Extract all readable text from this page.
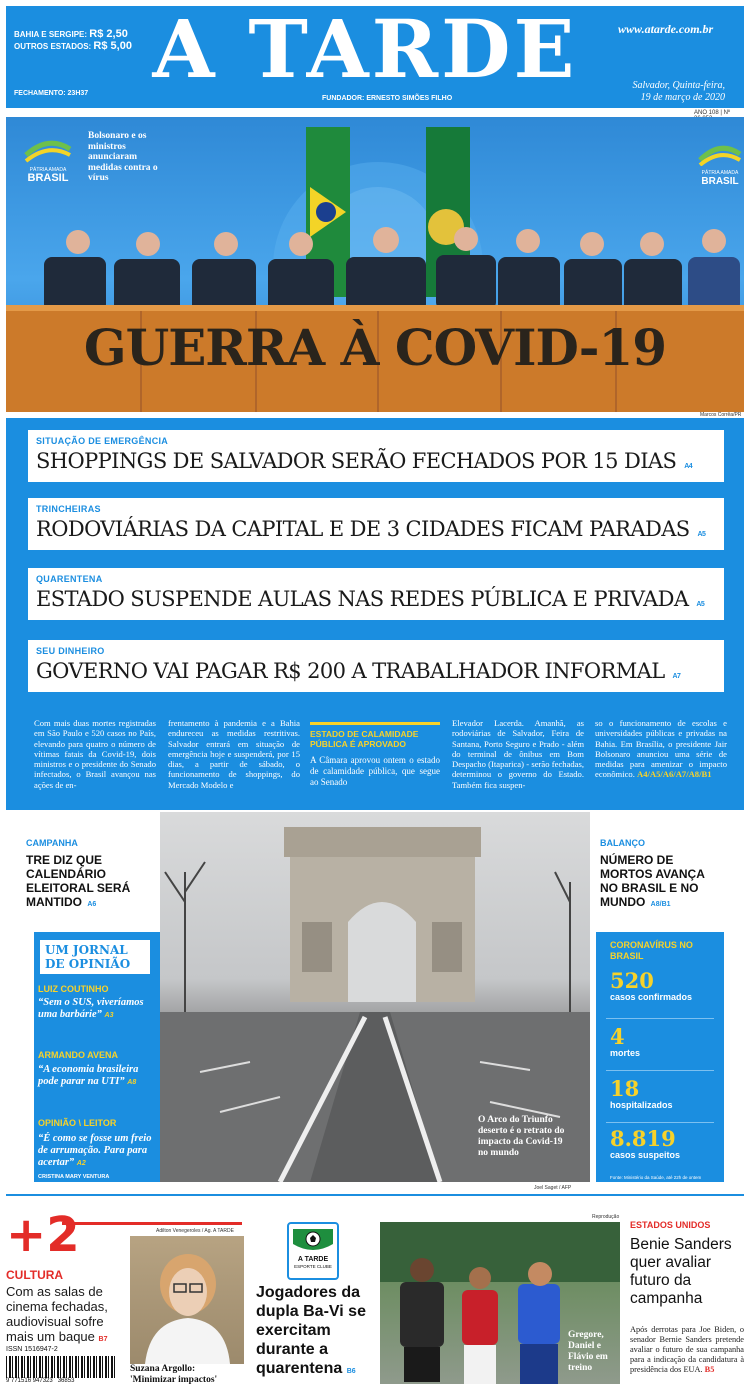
BAHIA E SERGIPE: R$ 2,50
OUTROS ESTADOS: R$ 5,00
FECHAMENTO: 23H37 A TARDE
FUNDADOR: ERNESTO SIMÕES FILHO
www.atarde.com.br
Salvador, Quinta-feira,
19 de março de 2020
ANO 108 | Nº
PÁTRIA AMADA
BRASIL	PÁTRIA AMADA
BRASIL
Bolsonaro e os ministros anunciaram medidas contra o vírus
GUERRA À COVID-19
Marcos Corrêa/PR
SITUAÇÃO DE EMERGÊNCIA
SHOPPINGS DE SALVADOR SERÃO FECHADOS POR 15 DIAS A4
TRINCHEIRAS
RODOVIÁRIAS DA CAPITAL E DE 3 CIDADES FICAM PARADAS A5
QUARENTENA
ESTADO SUSPENDE AULAS NAS REDES PÚBLICA E PRIVADA A5
SEU DINHEIRO
GOVERNO VAI PAGAR R$ 200 A TRABALHADOR INFORMAL A7
Com mais duas mortes registradas em São Paulo e 520 casos no País, elevando para quatro o número de vítimas fatais da Covid-19, dois ministros e o presidente do Senado infectados, o Brasil avançou nas ações de en-
frentamento à pandemia e a Bahia endureceu as medidas restritivas. Salvador entrará em situação de emergência hoje e suspenderá, por 15 dias, a partir de sábado, o funcionamento de shoppings, do Mercado Modelo e
ESTADO DE CALAMIDADE PÚBLICA É APROVADO
A Câmara aprovou ontem o estado de calamidade pública, que segue ao Senado
Elevador Lacerda. Amanhã, as rodoviárias de Salvador, Feira de Santana, Porto Seguro e Prado - além do terminal de ônibus em Bom Despacho (Itaparica) - serão fechadas, determinou o governo do Estado. Também fica suspen-
so o funcionamento de escolas e universidades públicas e privadas na Bahia. Em Brasília, o presidente Jair Bolsonaro anunciou uma série de medidas para amenizar o impacto econômico. A4/A5/A6/A7/A8/B1
CAMPANHA
TRE DIZ QUE CALENDÁRIO ELEITORAL SERÁ MANTIDO A6
BALANÇO
NÚMERO DE MORTOS AVANÇA NO BRASIL E NO MUNDO A8/B1
O Arco do Triunfo deserto é o retrato do impacto da Covid-19 no mundo
Joel Saget / AFP
UM JORNAL DE OPINIÃO
LUIZ COUTINHO
“Sem o SUS, viveríamos uma barbárie” A3
ARMANDO AVENA
“A economia brasileira pode parar na UTI” A8
OPINIÃO \ LEITOR
“É como se fosse um freio de arrumação. Para para acertar” A2
CRISTINA MARY VENTURA
CORONAVÍRUS NO BRASIL
520
casos confirmados
4
mortes
18
hospitalizados
8.819
casos suspeitos
Fonte: Ministério da Saúde, até 22h de ontem
+2
CULTURA
Com as salas de cinema fechadas, audiovisual sofre mais um baque B7
Adilton Venegeroles / Ag. A TARDE
Suzana Argollo:
'Minimizar impactos'
ISSN 1516947-2
9 771516 947323   36853
A TARDE
ESPORTE CLUBE
Jogadores da dupla Ba-Vi se exercitam durante a quarentena B6
Reprodução
Gregore, Daniel e Flávio em treino
ESTADOS UNIDOS
Benie Sanders quer avaliar futuro da campanha
Após derrotas para Joe Biden, o senador Bernie Sanders pretende avaliar o futuro de sua campanha para a indicação da candidatura à presidência dos EUA. B5
